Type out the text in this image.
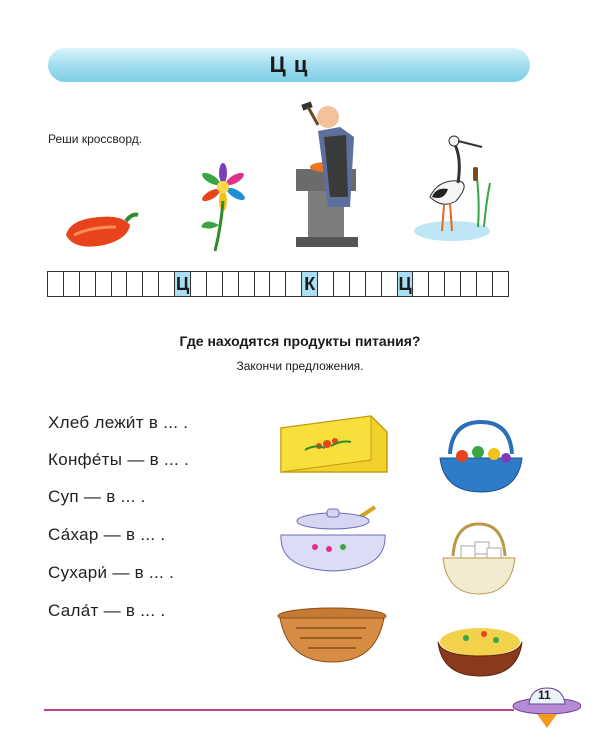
Ц ц
Реши кроссворд.
Ц	К	Ц
Где находятся продукты питания?
Закончи предложения.
Хлеб лежи́т в ... .
Конфе́ты — в ... .
Суп — в ... .
Са́хар — в ... .
Сухари́ — в ... .
Сала́т — в ... .
11
